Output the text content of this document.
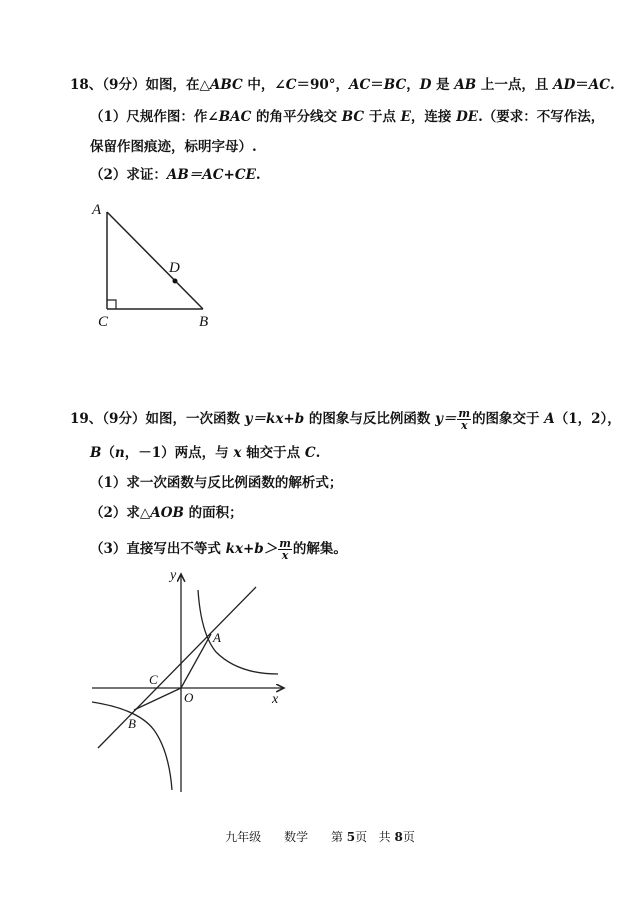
18、（9分）如图，在△ABC 中，∠C＝90°，AC＝BC，D 是 AB 上一点，且 AD＝AC.
（1）尺规作图：作∠BAC 的角平分线交 BC 于点 E，连接 DE.（要求：不写作法，
保留作图痕迹，标明字母）.
（2）求证：AB＝AC+CE.
A
C	B
D
19、（9分）如图，一次函数 y＝kx+b 的图象与反比例函数 $y= \frac{m}{x}$ 的图象交于 A（1，2），
B（n，－1）两点，与 x 轴交于点 C.
（1）求一次函数与反比例函数的解析式；
（2）求△AOB 的面积；
（3）直接写出不等式 $kx+b> \frac{m}{x}$ 的解集。
y
x
A
B
C
O
九年级 数学 第 5页 共 8页
